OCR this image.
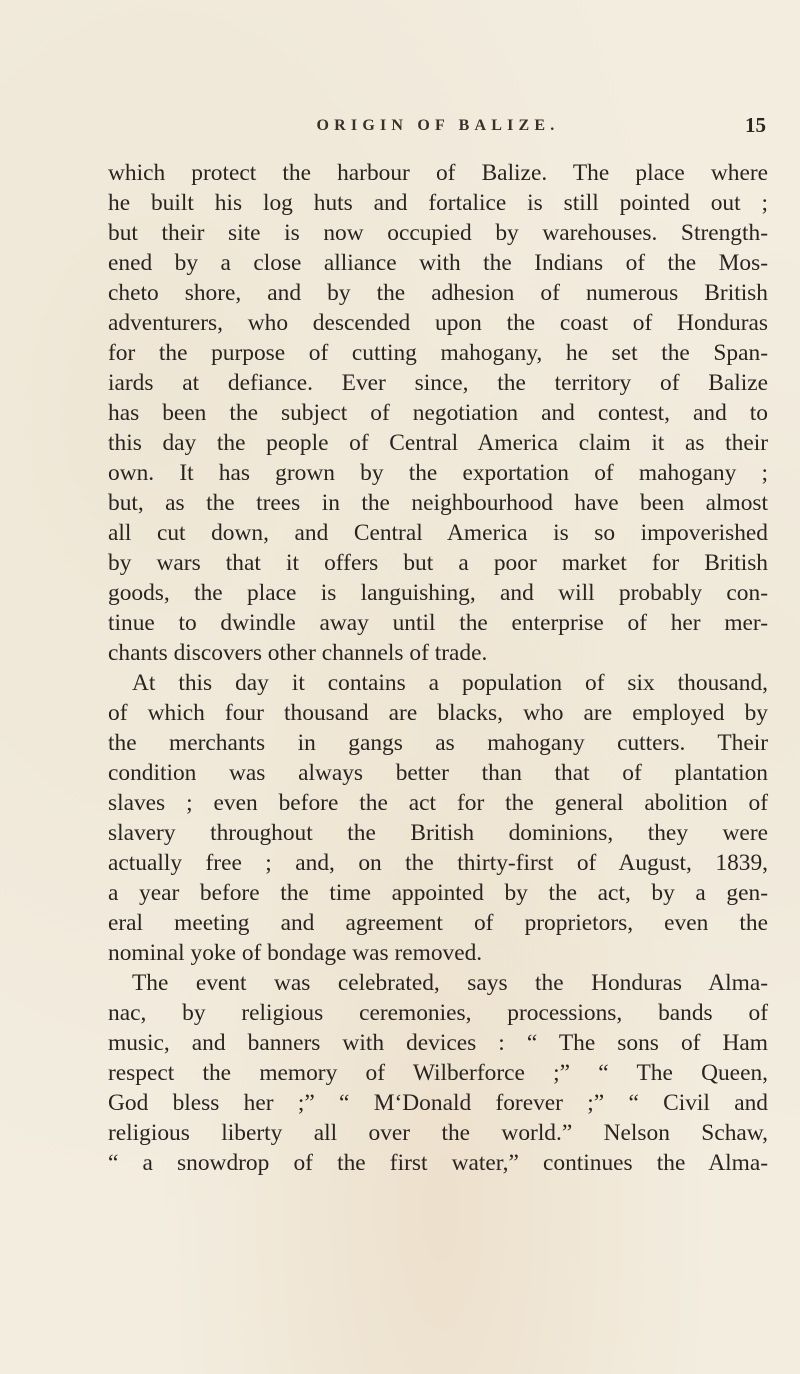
ORIGIN OF BALIZE.	15
which protect the harbour of Balize. The place where
he built his log huts and fortalice is still pointed out ;
but their site is now occupied by warehouses. Strength-
ened by a close alliance with the Indians of the Mos-
cheto shore, and by the adhesion of numerous British
adventurers, who descended upon the coast of Honduras
for the purpose of cutting mahogany, he set the Span-
iards at defiance. Ever since, the territory of Balize
has been the subject of negotiation and contest, and to
this day the people of Central America claim it as their
own. It has grown by the exportation of mahogany ;
but, as the trees in the neighbourhood have been almost
all cut down, and Central America is so impoverished
by wars that it offers but a poor market for British
goods, the place is languishing, and will probably con-
tinue to dwindle away until the enterprise of her mer-
chants discovers other channels of trade.
At this day it contains a population of six thousand,
of which four thousand are blacks, who are employed by
the merchants in gangs as mahogany cutters. Their
condition was always better than that of plantation
slaves ; even before the act for the general abolition of
slavery throughout the British dominions, they were
actually free ; and, on the thirty-first of August, 1839,
a year before the time appointed by the act, by a gen-
eral meeting and agreement of proprietors, even the
nominal yoke of bondage was removed.
The event was celebrated, says the Honduras Alma-
nac, by religious ceremonies, processions, bands of
music, and banners with devices : “ The sons of Ham
respect the memory of Wilberforce ;” “ The Queen,
God bless her ;” “ M‘Donald forever ;” “ Civil and
religious liberty all over the world.” Nelson Schaw,
“ a snowdrop of the first water,” continues the Alma-
